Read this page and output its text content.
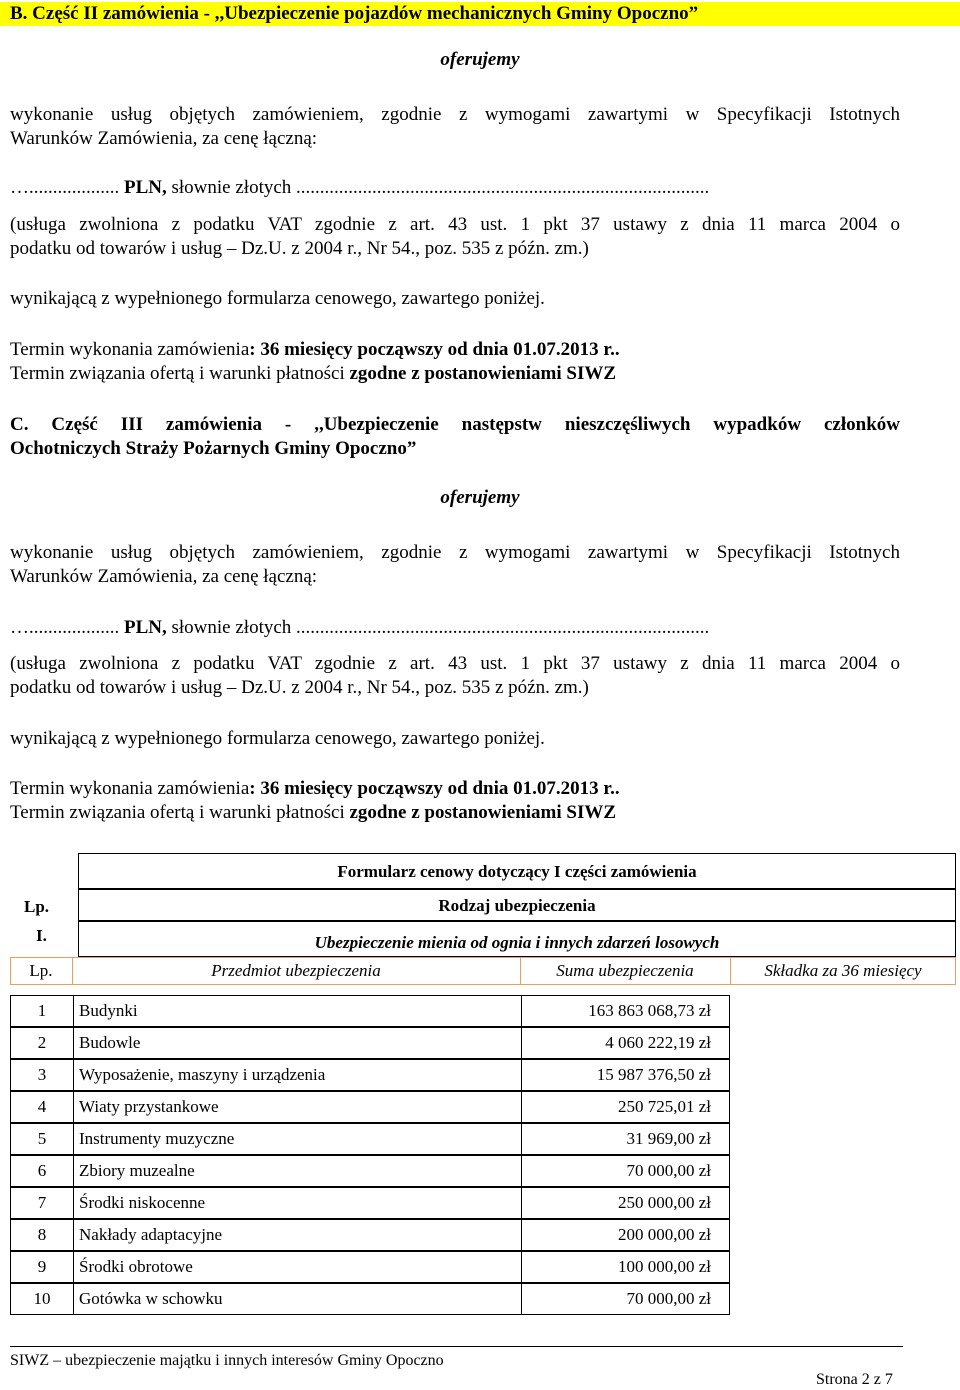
B. Część II zamówienia - ,,Ubezpieczenie pojazdów mechanicznych Gminy Opoczno”
oferujemy
wykonanie usług objętych zamówieniem, zgodnie z wymogami zawartymi w Specyfikacji Istotnych
Warunków Zamówienia, za cenę łączną:
…................... PLN, słownie złotych .......................................................................................
(usługa zwolniona z podatku VAT zgodnie z art. 43 ust. 1 pkt 37 ustawy z dnia 11 marca 2004 o
podatku od towarów i usług – Dz.U. z 2004 r., Nr 54., poz. 535 z późn. zm.)
wynikającą z wypełnionego formularza cenowego, zawartego poniżej.
Termin wykonania zamówienia: 36 miesięcy począwszy od dnia 01.07.2013 r..
Termin związania ofertą i warunki płatności zgodne z postanowieniami SIWZ
C. Część III zamówienia - ,,Ubezpieczenie następstw nieszczęśliwych wypadków członków
Ochotniczych Straży Pożarnych Gminy Opoczno”
oferujemy
wykonanie usług objętych zamówieniem, zgodnie z wymogami zawartymi w Specyfikacji Istotnych
Warunków Zamówienia, za cenę łączną:
…................... PLN, słownie złotych .......................................................................................
(usługa zwolniona z podatku VAT zgodnie z art. 43 ust. 1 pkt 37 ustawy z dnia 11 marca 2004 o
podatku od towarów i usług – Dz.U. z 2004 r., Nr 54., poz. 535 z późn. zm.)
wynikającą z wypełnionego formularza cenowego, zawartego poniżej.
Termin wykonania zamówienia: 36 miesięcy począwszy od dnia 01.07.2013 r..
Termin związania ofertą i warunki płatności zgodne z postanowieniami SIWZ
Formularz cenowy dotyczący I części zamówienia
Lp.	Rodzaj ubezpieczenia
I.	Ubezpieczenie mienia od ognia i innych zdarzeń losowych
Lp.	Przedmiot ubezpieczenia	Suma ubezpieczenia	Składka za 36 miesięcy
1	Budynki	163 863 068,73 zł
2	Budowle	4 060 222,19 zł
3	Wyposażenie, maszyny i urządzenia	15 987 376,50 zł
4	Wiaty przystankowe	250 725,01 zł
5	Instrumenty muzyczne	31 969,00 zł
6	Zbiory muzealne	70 000,00 zł
7	Środki niskocenne	250 000,00 zł
8	Nakłady adaptacyjne	200 000,00 zł
9	Środki obrotowe	100 000,00 zł
10	Gotówka w schowku	70 000,00 zł
SIWZ – ubezpieczenie majątku i innych interesów Gminy Opoczno
Strona 2 z 7
